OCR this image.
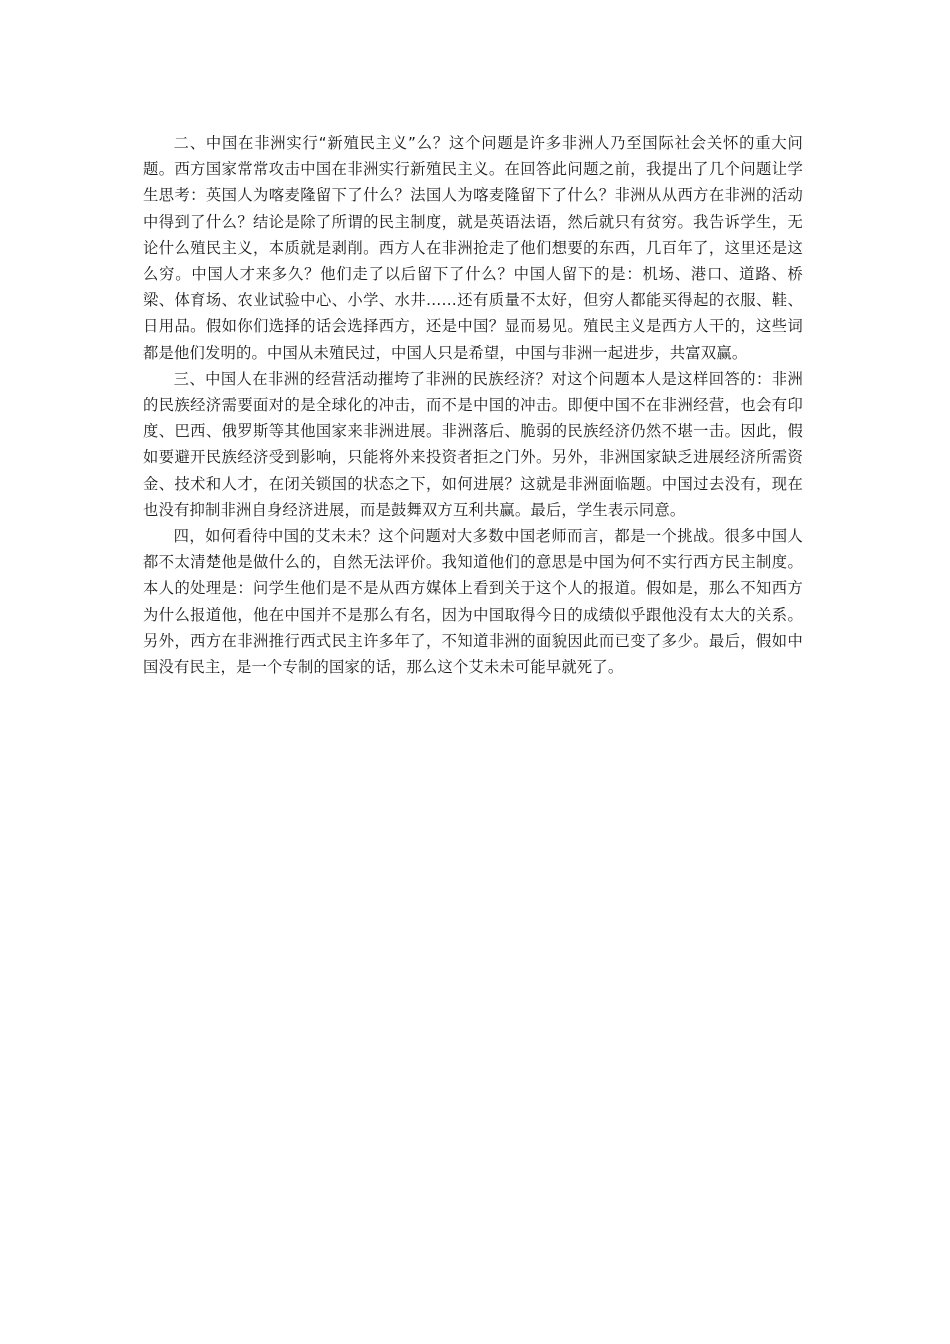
二、中国在非洲实行“新殖民主义”么？这个问题是许多非洲人乃至国际社会关怀的重大问题。西方国家常常攻击中国在非洲实行新殖民主义。在回答此问题之前，我提出了几个问题让学生思考：英国人为喀麦隆留下了什么？法国人为喀麦隆留下了什么？非洲从从西方在非洲的活动中得到了什么？结论是除了所谓的民主制度，就是英语法语，然后就只有贫穷。我告诉学生，无论什么殖民主义，本质就是剥削。西方人在非洲抢走了他们想要的东西，几百年了，这里还是这么穷。中国人才来多久？他们走了以后留下了什么？中国人留下的是：机场、港口、道路、桥梁、体育场、农业试验中心、小学、水井……还有质量不太好，但穷人都能买得起的衣服、鞋、日用品。假如你们选择的话会选择西方，还是中国？显而易见。殖民主义是西方人干的，这些词都是他们发明的。中国从未殖民过，中国人只是希望，中国与非洲一起进步，共富双赢。

三、中国人在非洲的经营活动摧垮了非洲的民族经济？对这个问题本人是这样回答的：非洲的民族经济需要面对的是全球化的冲击，而不是中国的冲击。即便中国不在非洲经营，也会有印度、巴西、俄罗斯等其他国家来非洲进展。非洲落后、脆弱的民族经济仍然不堪一击。因此，假如要避开民族经济受到影响，只能将外来投资者拒之门外。另外，非洲国家缺乏进展经济所需资金、技术和人才，在闭关锁国的状态之下，如何进展？这就是非洲面临题。中国过去没有，现在也没有抑制非洲自身经济进展，而是鼓舞双方互利共赢。最后，学生表示同意。

四，如何看待中国的艾未未？这个问题对大多数中国老师而言，都是一个挑战。很多中国人都不太清楚他是做什么的，自然无法评价。我知道他们的意思是中国为何不实行西方民主制度。本人的处理是：问学生他们是不是从西方媒体上看到关于这个人的报道。假如是，那么不知西方为什么报道他，他在中国并不是那么有名，因为中国取得今日的成绩似乎跟他没有太大的关系。另外，西方在非洲推行西式民主许多年了，不知道非洲的面貌因此而已变了多少。最后，假如中国没有民主，是一个专制的国家的话，那么这个艾未未可能早就死了。
